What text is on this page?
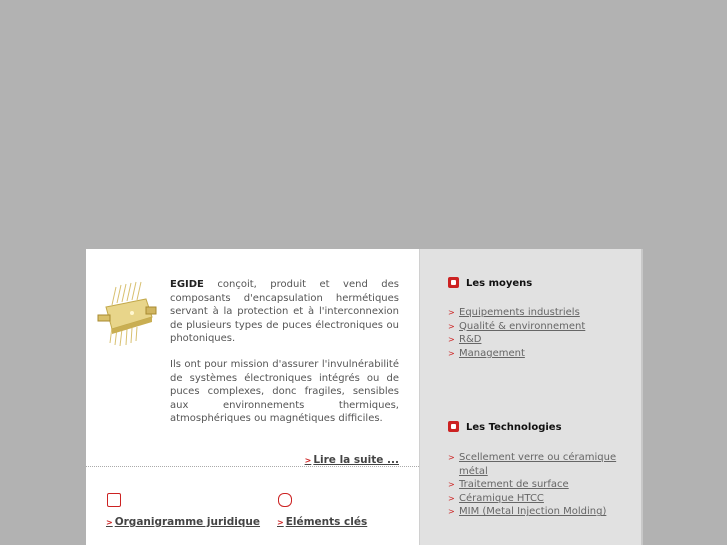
EGIDE conçoit, produit et vend des composants d'encapsulation hermétiques servant à la protection et à l'interconnexion de plusieurs types de puces électroniques ou photoniques.

Ils ont pour mission d'assurer l'invulnérabilité de systèmes électroniques intégrés ou de puces complexes, donc fragiles, sensibles aux environnements thermiques, atmosphériques ou magnétiques difficiles.

> Lire la suite ...
> Organigramme juridique > Eléments clés
Les moyens
> Equipements industriels
> Qualité & environnement
> R&D
> Management
Les Technologies
> Scellement verre ou céramique métal
> Traitement de surface
> Céramique HTCC
> MIM (Metal Injection Molding)
